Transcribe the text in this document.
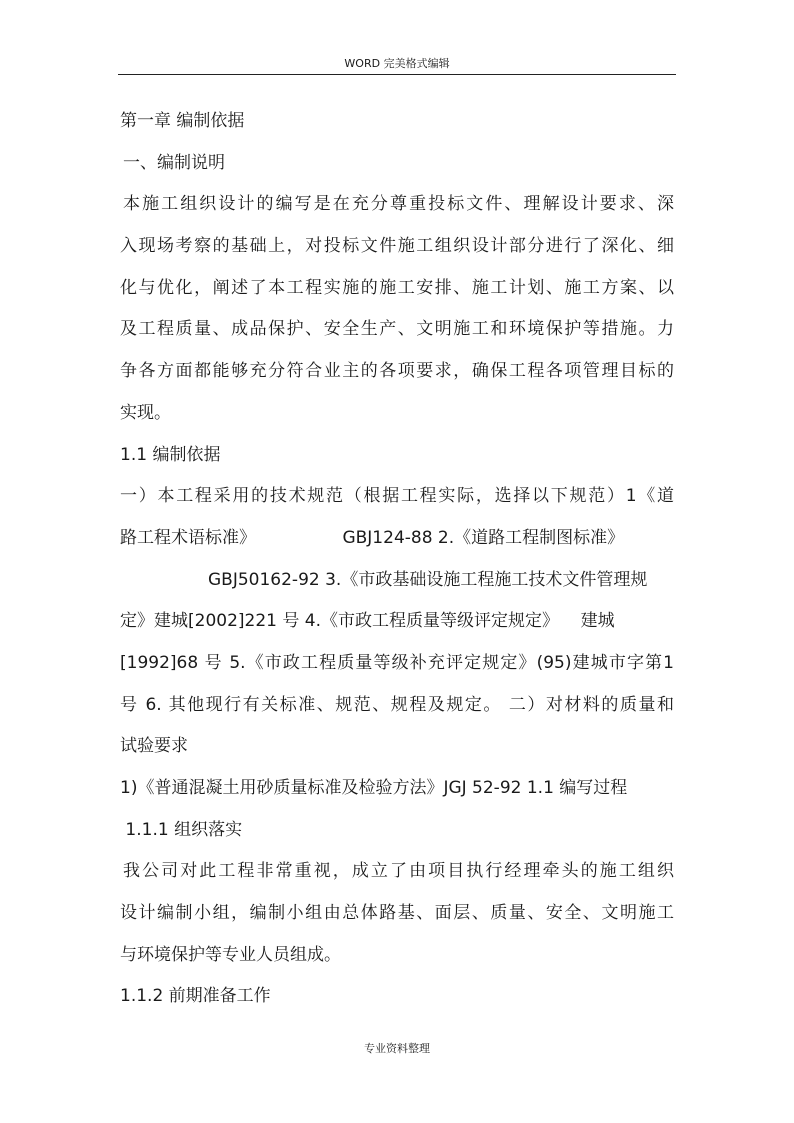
WORD 完美格式编辑
第一章 编制依据
一、编制说明
本施工组织设计的编写是在充分尊重投标文件、理解设计要求、深
入现场考察的基础上，对投标文件施工组织设计部分进行了深化、细
化与优化，阐述了本工程实施的施工安排、施工计划、施工方案、以
及工程质量、成品保护、安全生产、文明施工和环境保护等措施。力
争各方面都能够充分符合业主的各项要求，确保工程各项管理目标的
实现。
1.1 编制依据
一）本工程采用的技术规范（根据工程实际，选择以下规范）1《道
路工程术语标准》                GBJ124-88 2.《道路工程制图标准》
GBJ50162-92 3.《市政基础设施工程施工技术文件管理规
定》建城[2002]221 号 4.《市政工程质量等级评定规定》    建城
[1992]68 号 5.《市政工程质量等级补充评定规定》(95)建城市字第1
号 6. 其他现行有关标准、规范、规程及规定。 二）对材料的质量和
试验要求
1)《普通混凝土用砂质量标准及检验方法》JGJ 52-92 1.1 编写过程
1.1.1 组织落实
我公司对此工程非常重视，成立了由项目执行经理牵头的施工组织
设计编制小组，编制小组由总体路基、面层、质量、安全、文明施工
与环境保护等专业人员组成。
1.1.2 前期准备工作
专业资料整理
